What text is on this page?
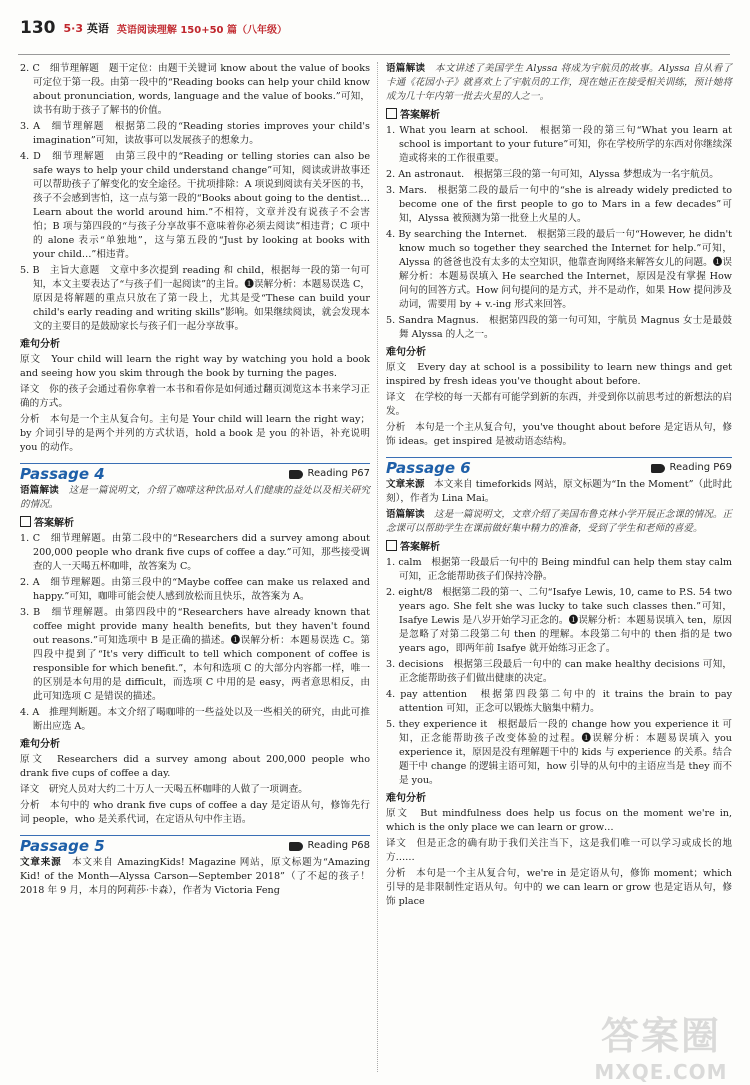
130 5·3 英语 英语阅读理解 150+50 篇（八年级）

2. C　细节理解题　题干定位：由题干关键词 know about the value of books 可定位于第一段。由第一段中的“Reading books can help your child know about pronunciation, words, language and the value of books.”可知，读书有助于孩子了解书的价值。

3. A　细节理解题　根据第二段的“Reading stories improves your child's imagination”可知，读故事可以发展孩子的想象力。

4. D　细节理解题　由第三段中的“Reading or telling stories can also be safe ways to help your child understand change”可知，阅读或讲故事还可以帮助孩子了解变化的安全途径。干扰项排除：A 项说到阅读有关牙医的书，孩子不会感到害怕，这一点与第一段的“Books about going to the dentist…Learn about the world around him.”不相符，文章并没有说孩子不会害怕；B 项与第四段的“与孩子分享故事不意味着你必须去阅读”相违背；C 项中的 alone 表示“单独地”，这与第五段的“Just by looking at books with your child…”相违背。

5. B　主旨大意题　文章中多次提到 reading 和 child，根据每一段的第一句可知，本文主要表达了“与孩子们一起阅读”的主旨。❶误解分析：本题易误选 C，原因是将解题的重点只放在了第一段上，尤其是受“These can build your child's early reading and writing skills”影响。如果继续阅读，就会发现本文的主要目的是鼓励家长与孩子们一起分享故事。

难句分析

原文　Your child will learn the right way by watching you hold a book and seeing how you skim through the book by turning the pages.

译文　你的孩子会通过看你拿着一本书和看你是如何通过翻页浏览这本书来学习正确的方式。

分析　本句是一个主从复合句。主句是 Your child will learn the right way；by 介词引导的是两个并列的方式状语，hold a book 是 you 的补语，补充说明 you 的动作。

Passage 4	Reading P67

语篇解读　 这是一篇说明文，介绍了咖啡这种饮品对人们健康的益处以及相关研究的情况。

答案解析

1. C　细节理解题。由第二段中的“Researchers did a survey among about 200,000 people who drank five cups of coffee a day.”可知，那些接受调查的人一天喝五杯咖啡，故答案为 C。

2. A　细节理解题。由第三段中的“Maybe coffee can make us relaxed and happy.”可知，咖啡可能会使人感到放松而且快乐，故答案为 A。

3. B　细节理解题。由第四段中的“Researchers have already known that coffee might provide many health benefits, but they haven't found out reasons.”可知选项中 B 是正确的描述。❶误解分析：本题易误选 C。第四段中提到了“It's very difficult to tell which component of coffee is responsible for which benefit.”，本句和选项 C 的大部分内容都一样，唯一的区别是本句用的是 difficult，而选项 C 中用的是 easy，两者意思相反，由此可知选项 C 是错误的描述。

4. A　推理判断题。本文介绍了喝咖啡的一些益处以及一些相关的研究，由此可推断出应选 A。

难句分析

原文　Researchers did a survey among about 200,000 people who drank five cups of coffee a day.

译文　研究人员对大约二十万人一天喝五杯咖啡的人做了一项调查。

分析　本句中的 who drank five cups of coffee a day 是定语从句，修饰先行词 people，who 是关系代词，在定语从句中作主语。

Passage 5	Reading P68

文章来源　 本文来自 AmazingKids! Magazine 网站，原文标题为“Amazing Kid! of the Month—Alyssa Carson—September 2018”（了不起的孩子！2018 年 9 月，本月的阿莉莎·卡森），作者为 Victoria Feng

语篇解读　 本文讲述了美国学生 Alyssa 将成为宇航员的故事。Alyssa 自从看了卡通《花园小子》就喜欢上了宇航员的工作，现在她正在接受相关训练，预计她将成为几十年内第一批去火星的人之一。

答案解析

1. What you learn at school.　根据第一段的第三句“What you learn at school is important to your future”可知，你在学校所学的东西对你继续深造或将来的工作很重要。

2. An astronaut.　根据第三段的第一句可知，Alyssa 梦想成为一名宇航员。

3. Mars.　根据第二段的最后一句中的“she is already widely predicted to become one of the first people to go to Mars in a few decades”可知，Alyssa 被预测为第一批登上火星的人。

4. By searching the Internet.　根据第三段的最后一句“However, he didn't know much so together they searched the Internet for help.”可知，Alyssa 的爸爸也没有太多的太空知识，他靠查询网络来解答女儿的问题。❶误解分析：本题易误填入 He searched the Internet，原因是没有掌握 How 问句的回答方式。How 问句提问的是方式，并不是动作，如果 How 提问涉及动词，需要用 by + v.-ing 形式来回答。

5. Sandra Magnus.　根据第四段的第一句可知，宇航员 Magnus 女士是最鼓舞 Alyssa 的人之一。

难句分析

原文　Every day at school is a possibility to learn new things and get inspired by fresh ideas you've thought about before.

译文　在学校的每一天都有可能学到新的东西，并受到你以前思考过的新想法的启发。

分析　本句是一个主从复合句，you've thought about before 是定语从句，修饰 ideas。get inspired 是被动语态结构。

Passage 6	Reading P69

文章来源　 本文来自 timeforkids 网站，原文标题为“In the Moment”（此时此刻），作者为 Lina Mai。

语篇解读　 这是一篇说明文，文章介绍了美国布鲁克林小学开展正念课的情况。正念课可以帮助学生在课前做好集中精力的准备，受到了学生和老师的喜爱。

答案解析

1. calm　根据第一段最后一句中的 Being mindful can help them stay calm 可知，正念能帮助孩子们保持冷静。

2. eight/8　根据第二段的第一、二句“Isafye Lewis, 10, came to P.S. 54 two years ago. She felt she was lucky to take such classes then.”可知，Isafye Lewis 是八岁开始学习正念的。❶误解分析：本题易误填入 ten，原因是忽略了对第二段第二句 then 的理解。本段第二句中的 then 指的是 two years ago，即两年前 Isafye 就开始练习正念了。

3. decisions　根据第三段最后一句中的 can make healthy decisions 可知，正念能帮助孩子们做出健康的决定。

4. pay attention　根据第四段第二句中的 it trains the brain to pay attention 可知，正念可以锻炼大脑集中精力。

5. they experience it　根据最后一段的 change how you experience it 可知，正念能帮助孩子改变体验的过程。❶误解分析：本题易误填入 you experience it，原因是没有理解题干中的 kids 与 experience 的关系。结合题干中 change 的逻辑主语可知，how 引导的从句中的主语应当是 they 而不是 you。

难句分析

原文　But mindfulness does help us focus on the moment we're in, which is the only place we can learn or grow…

译文　但是正念的确有助于我们关注当下，这是我们唯一可以学习或成长的地方……

分析　本句是一个主从复合句，we're in 是定语从句，修饰 moment；which 引导的是非限制性定语从句。句中的 we can learn or grow 也是定语从句，修饰 place

答案圈
MXQE.COM
